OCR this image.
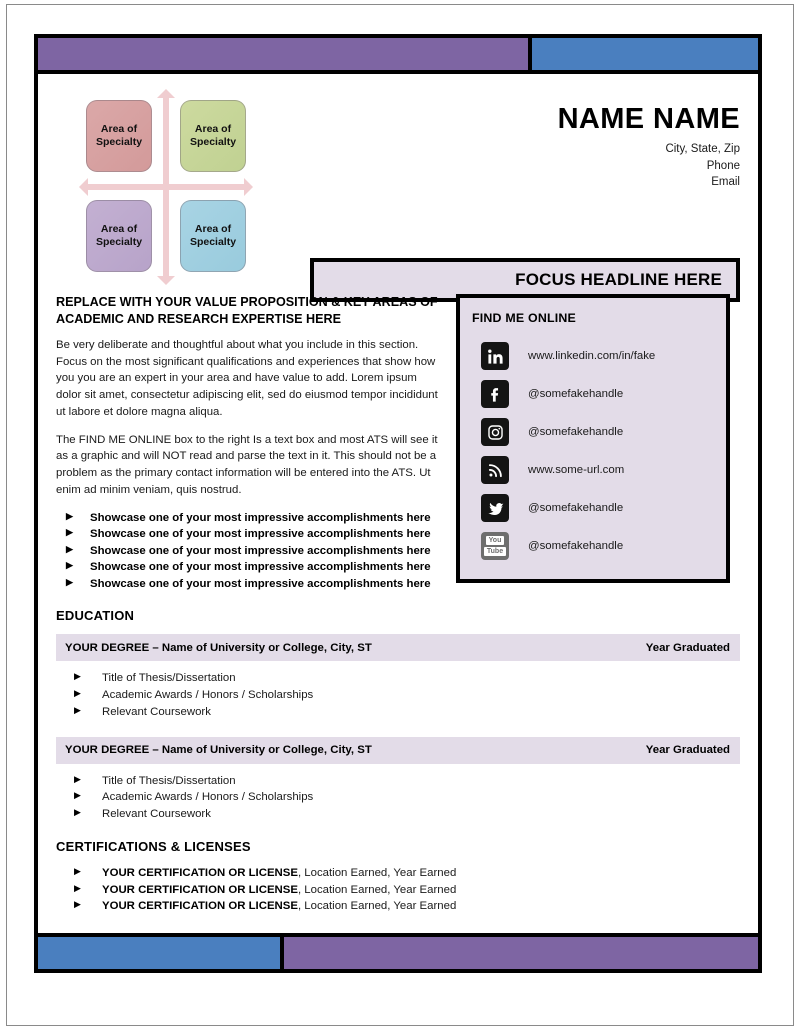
Area of Specialty
Area of Specialty
Area of Specialty
Area of Specialty
NAME NAME
City, State, Zip
Phone
Email
FOCUS HEADLINE HERE
REPLACE WITH YOUR VALUE PROPOSITION & KEY AREAS OF ACADEMIC AND RESEARCH EXPERTISE HERE
Be very deliberate and thoughtful about what you include in this section. Focus on the most significant qualifications and experiences that show how you you are an expert in your area and have value to add. Lorem ipsum dolor sit amet, consectetur adipiscing elit, sed do eiusmod tempor incididunt ut labore et dolore magna aliqua.
The FIND ME ONLINE box to the right Is a text box and most ATS will see it as a graphic and will NOT read and parse the text in it. This should not be a problem as the primary contact information will be entered into the ATS. Ut enim ad minim veniam, quis nostrud.
▶	Showcase one of your most impressive accomplishments here
▶	Showcase one of your most impressive accomplishments here
▶	Showcase one of your most impressive accomplishments here
▶	Showcase one of your most impressive accomplishments here
▶	Showcase one of your most impressive accomplishments here
FIND ME ONLINE
www.linkedin.com/in/fake
@somefakehandle
@somefakehandle
www.some-url.com
@somefakehandle
You
Tube @somefakehandle
EDUCATION
YOUR DEGREE – Name of University or College, City, ST	Year Graduated
▶	Title of Thesis/Dissertation
▶	Academic Awards / Honors / Scholarships
▶	Relevant Coursework
YOUR DEGREE – Name of University or College, City, ST	Year Graduated
▶	Title of Thesis/Dissertation
▶	Academic Awards / Honors / Scholarships
▶	Relevant Coursework
CERTIFICATIONS & LICENSES
▶	YOUR CERTIFICATION OR LICENSE, Location Earned, Year Earned
▶	YOUR CERTIFICATION OR LICENSE, Location Earned, Year Earned
▶	YOUR CERTIFICATION OR LICENSE, Location Earned, Year Earned
